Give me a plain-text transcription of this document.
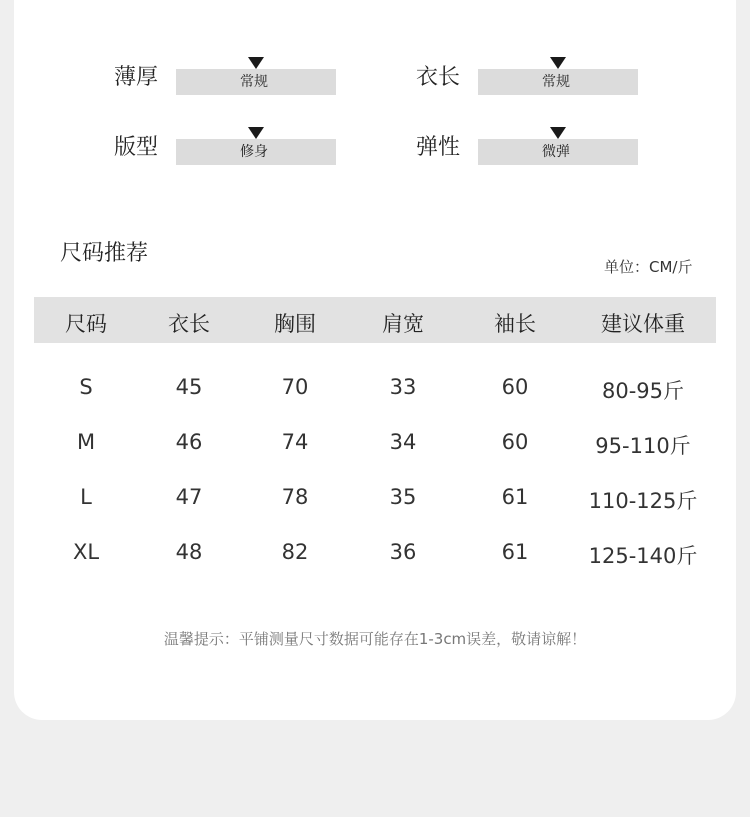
薄厚	常规	衣长	常规
版型	修身	弹性	微弹
尺码推荐
单位：CM/斤
尺码	衣长	胸围	肩宽	袖长	建议体重
S	45	70	33	60	80-95斤
M	46	74	34	60	95-110斤
L	47	78	35	61	110-125斤
XL	48	82	36	61	125-140斤
温馨提示：平铺测量尺寸数据可能存在1-3cm误差，敬请谅解！
